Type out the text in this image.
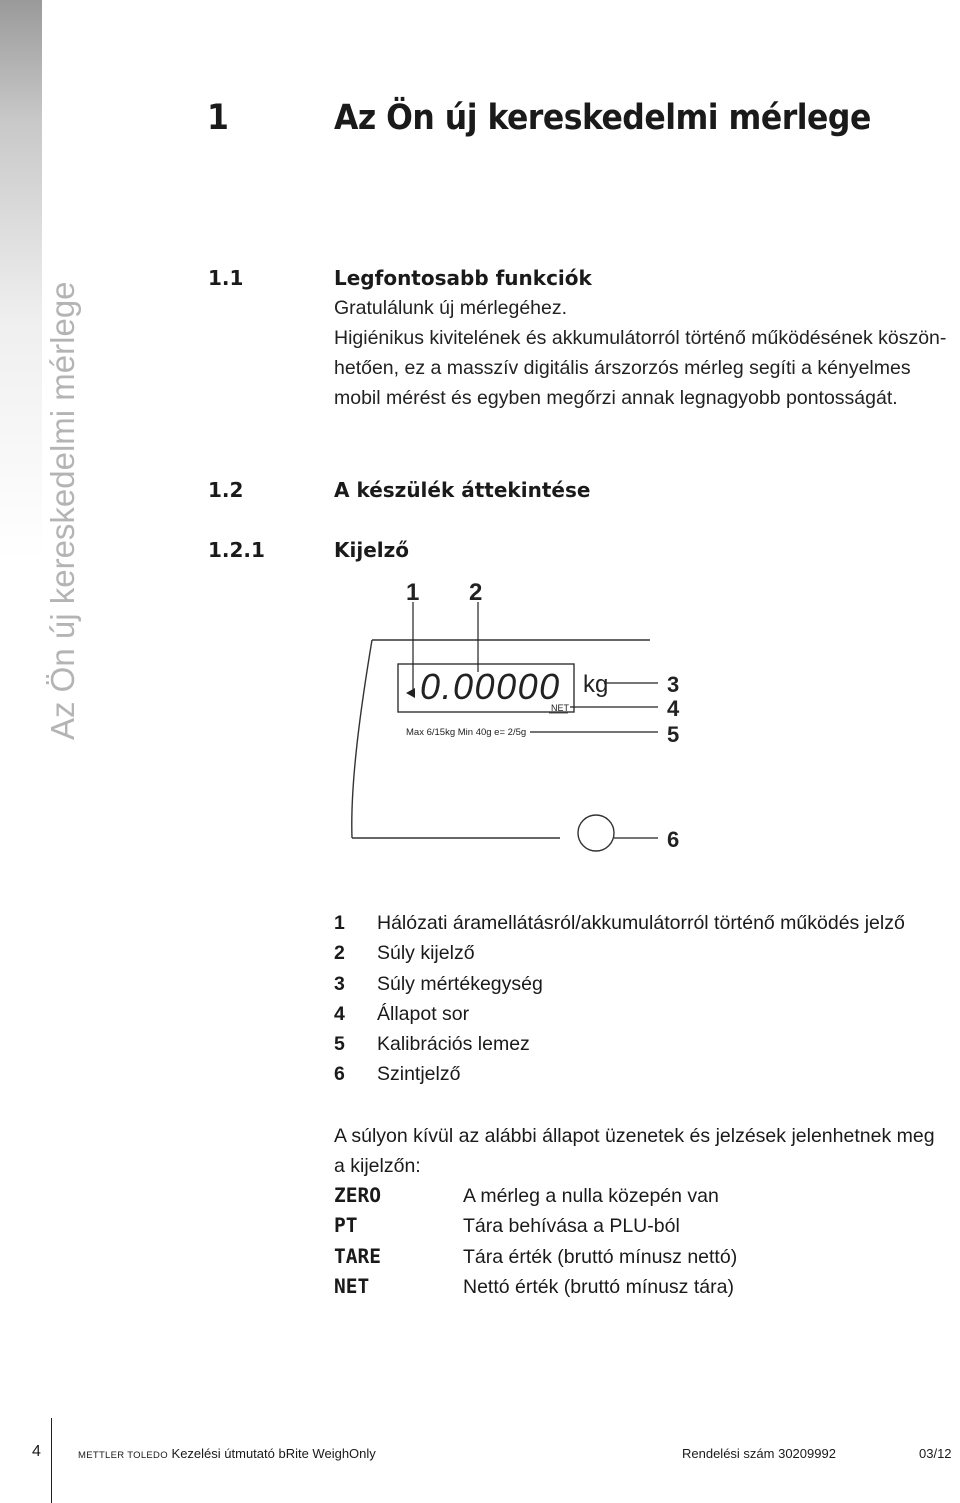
Az Ön új kereskedelmi mérlege
1	Az Ön új kereskedelmi mérlege
1.1	Legfontosabb funkciók
Gratulálunk új mérlegéhez.
Higiénikus kivitelének és akkumulátorról történő működésének köszön-
hetően, ez a masszív digitális árszorzós mérleg segíti a kényelmes
mobil mérést és egyben megőrzi annak legnagyobb pontosságát.
1.2	A készülék áttekintése
1.2.1	Kijelző
0.00000
NET
kg
Max 6/15kg Min 40g e= 2/5g
1 2
3
4
5
6
1	Hálózati áramellátásról/akkumulátorról történő működés jelző
2	Súly kijelző
3	Súly mértékegység
4	Állapot sor
5	Kalibrációs lemez
6	Szintjelző
A súlyon kívül az alábbi állapot üzenetek és jelzések jelenhetnek meg
a kijelzőn:
ZERO	A mérleg a nulla közepén van
PT	Tára behívása a PLU-ból
TARE	Tára érték (bruttó mínusz nettó)
NET	Nettó érték (bruttó mínusz tára)
4	METTLER TOLEDO Kezelési útmutató bRite WeighOnly	Rendelési szám 30209992	03/12
